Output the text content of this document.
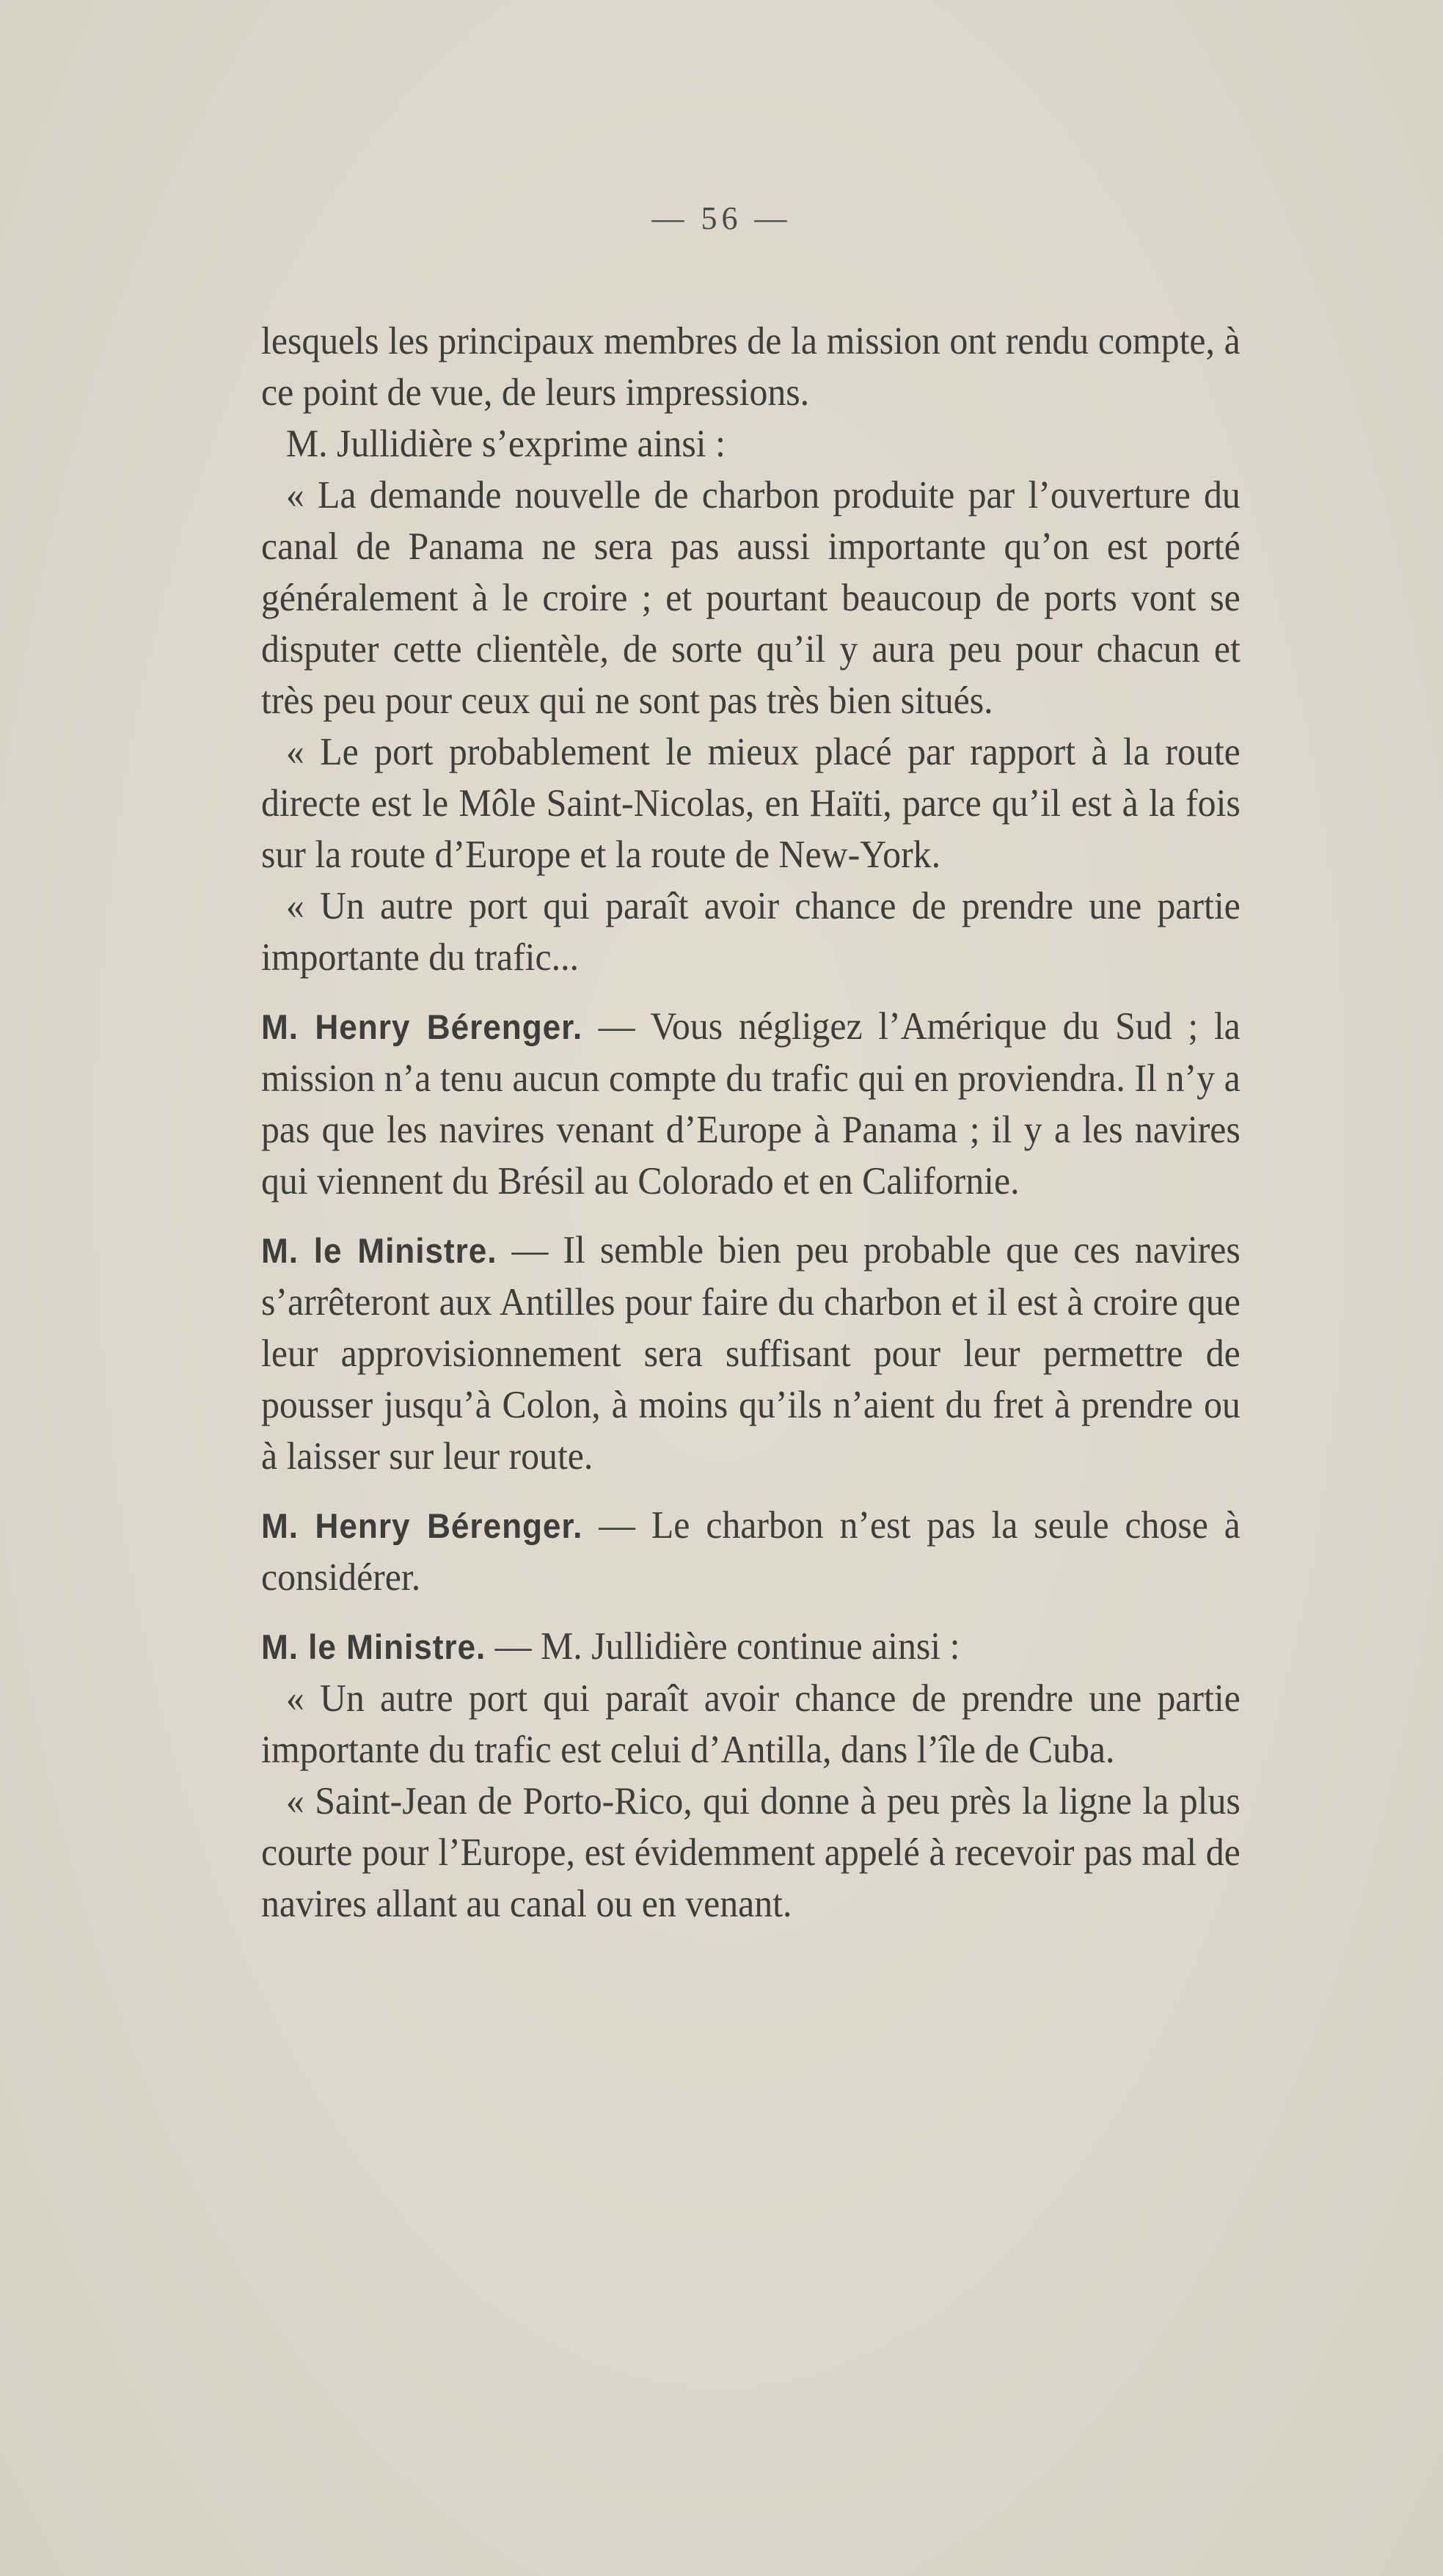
— 56 —

lesquels les principaux membres de la mission ont rendu compte, à ce point de vue, de leurs impressions.

M. Jullidière s’exprime ainsi :

« La demande nouvelle de charbon produite par l’ouverture du canal de Panama ne sera pas aussi importante qu’on est porté généralement à le croire ; et pourtant beaucoup de ports vont se disputer cette clientèle, de sorte qu’il y aura peu pour chacun et très peu pour ceux qui ne sont pas très bien situés.

« Le port probablement le mieux placé par rapport à la route directe est le Môle Saint-Nicolas, en Haïti, parce qu’il est à la fois sur la route d’Europe et la route de New-York.

« Un autre port qui paraît avoir chance de prendre une partie importante du trafic...

M. Henry Bérenger. — Vous négligez l’Amérique du Sud ; la mission n’a tenu aucun compte du trafic qui en proviendra. Il n’y a pas que les navires venant d’Europe à Panama ; il y a les navires qui viennent du Brésil au Colorado et en Californie.

M. le Ministre. — Il semble bien peu probable que ces navires s’arrêteront aux Antilles pour faire du charbon et il est à croire que leur approvisionnement sera suffisant pour leur permettre de pousser jusqu’à Colon, à moins qu’ils n’aient du fret à prendre ou à laisser sur leur route.

M. Henry Bérenger. — Le charbon n’est pas la seule chose à considérer.

M. le Ministre. — M. Jullidière continue ainsi :

« Un autre port qui paraît avoir chance de prendre une partie importante du trafic est celui d’Antilla, dans l’île de Cuba.

« Saint-Jean de Porto-Rico, qui donne à peu près la ligne la plus courte pour l’Europe, est évidemment appelé à recevoir pas mal de navires allant au canal ou en venant.
